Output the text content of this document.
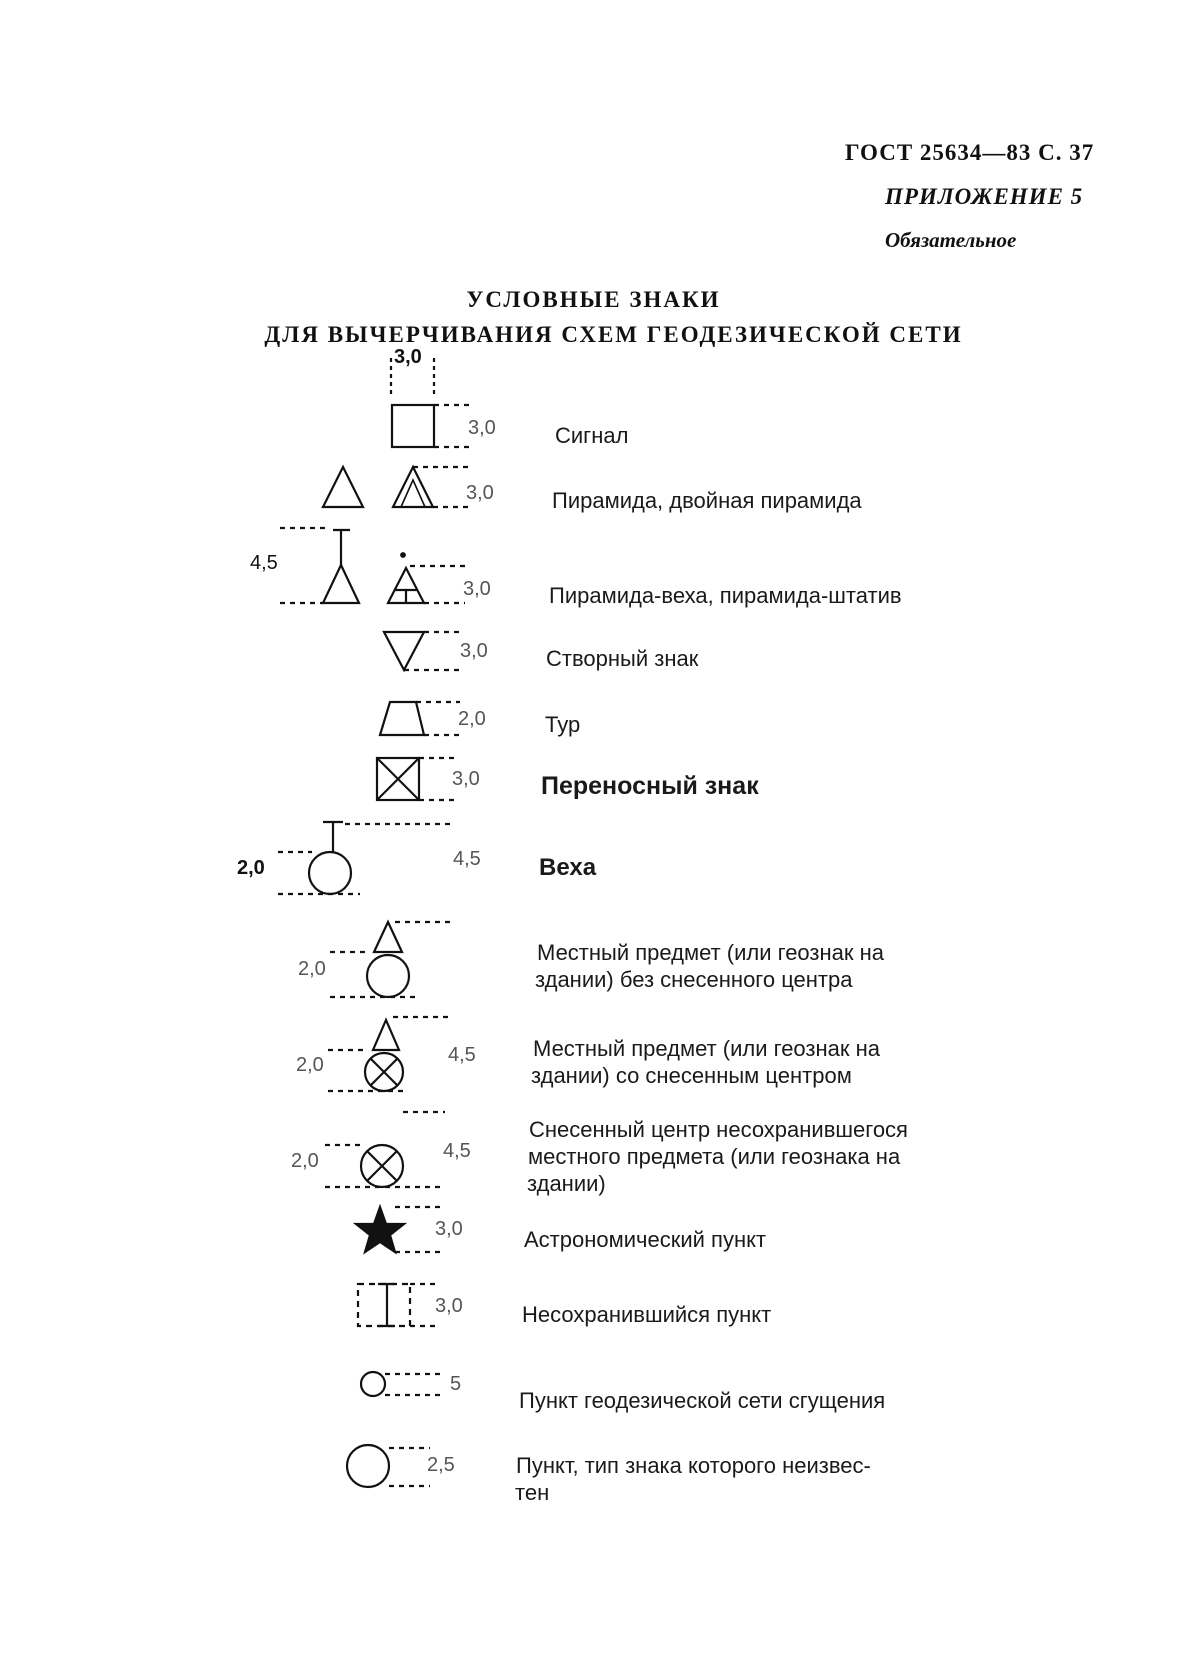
ГОСТ 25634—83 С. 37
ПРИЛОЖЕНИЕ 5
Обязательное
УСЛОВНЫЕ ЗНАКИ
ДЛЯ ВЫЧЕРЧИВАНИЯ СХЕМ ГЕОДЕЗИЧЕСКОЙ СЕТИ
3,0
3,0
3,0
3,0
3,0
2,0
3,0
4,5
4,5
4,5
3,0
3,0
5
2,5
4,5
2,0
2,0
2,0
2,0
Сигнал
Пирамида, двойная пирамида
Пирамида-веха, пирамида-штатив
Створный знак
Тур
Переносный знак
Веха
Местный предмет (или геознак на
здании) без снесенного центра
Местный предмет (или геознак на
здании) со снесенным центром
Снесенный центр несохранившегося
местного предмета (или геознака на
здании)
Астрономический пункт
Несохранившийся пункт
Пункт геодезической сети сгущения
Пункт, тип знака которого неизвес-
тен
